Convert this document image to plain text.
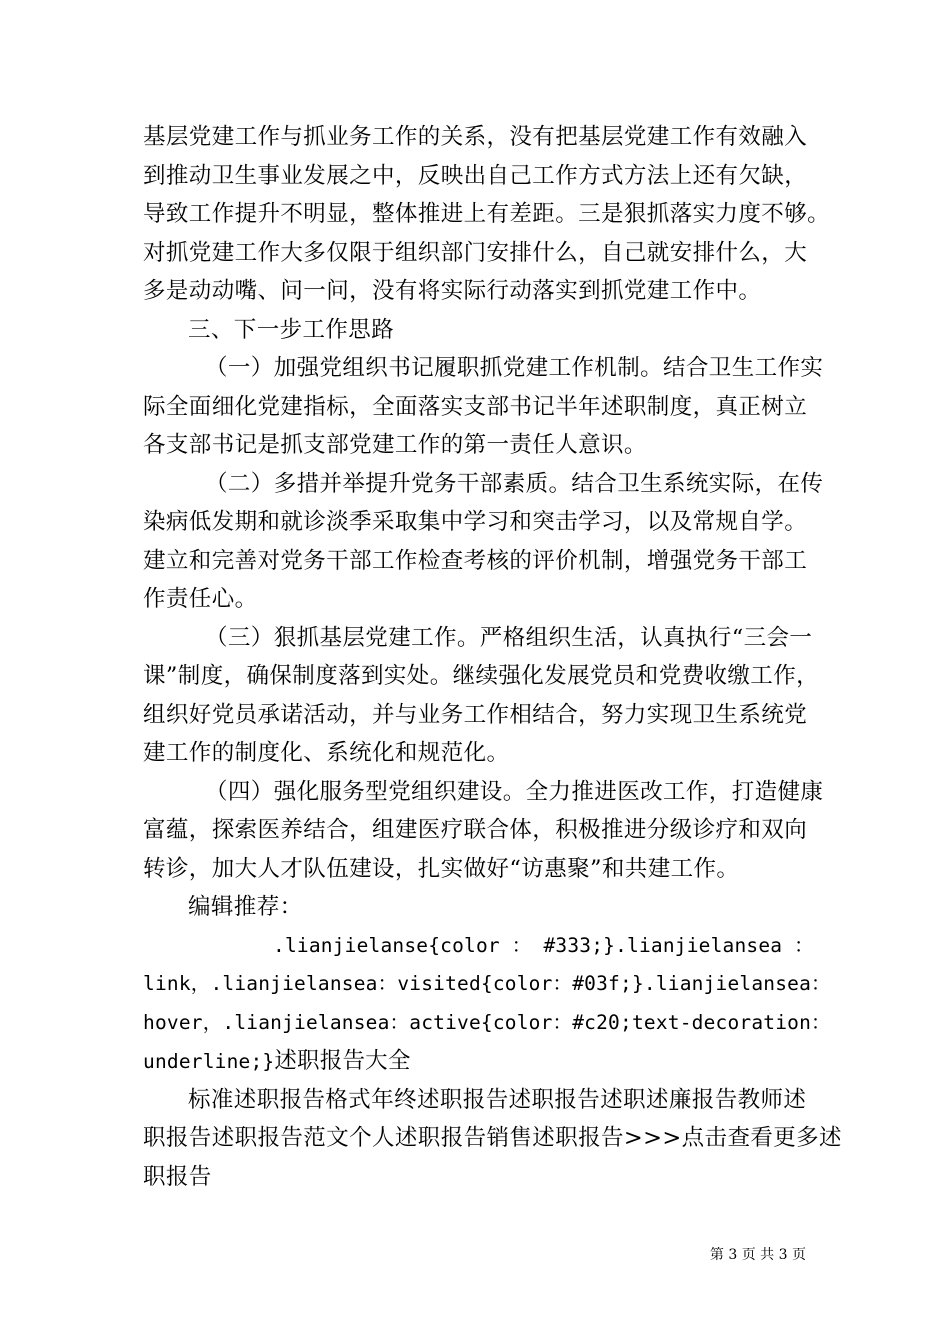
基层党建工作与抓业务工作的关系，没有把基层党建工作有效融入
到推动卫生事业发展之中，反映出自己工作方式方法上还有欠缺，
导致工作提升不明显，整体推进上有差距。三是狠抓落实力度不够。
对抓党建工作大多仅限于组织部门安排什么，自己就安排什么，大
多是动动嘴、问一问，没有将实际行动落实到抓党建工作中。
三、下一步工作思路
（一）加强党组织书记履职抓党建工作机制。结合卫生工作实
际全面细化党建指标，全面落实支部书记半年述职制度，真正树立
各支部书记是抓支部党建工作的第一责任人意识。
（二）多措并举提升党务干部素质。结合卫生系统实际，在传
染病低发期和就诊淡季采取集中学习和突击学习，以及常规自学。
建立和完善对党务干部工作检查考核的评价机制，增强党务干部工
作责任心。
（三）狠抓基层党建工作。严格组织生活，认真执行“三会一
课”制度，确保制度落到实处。继续强化发展党员和党费收缴工作，
组织好党员承诺活动，并与业务工作相结合，努力实现卫生系统党
建工作的制度化、系统化和规范化。
（四）强化服务型党组织建设。全力推进医改工作，打造健康
富蕴，探索医养结合，组建医疗联合体，积极推进分级诊疗和双向
转诊，加大人才队伍建设，扎实做好“访惠聚”和共建工作。
编辑推荐：
.lianjielanse{color ： #333;}.lianjielansea ：
link，.lianjielansea：visited{color：#03f;}.lianjielansea：
hover，.lianjielansea：active{color：#c20;text-decoration：
underline;}述职报告大全
标准述职报告格式年终述职报告述职报告述职述廉报告教师述
职报告述职报告范文个人述职报告销售述职报告>>>点击查看更多述
职报告
第 3 页 共 3 页
